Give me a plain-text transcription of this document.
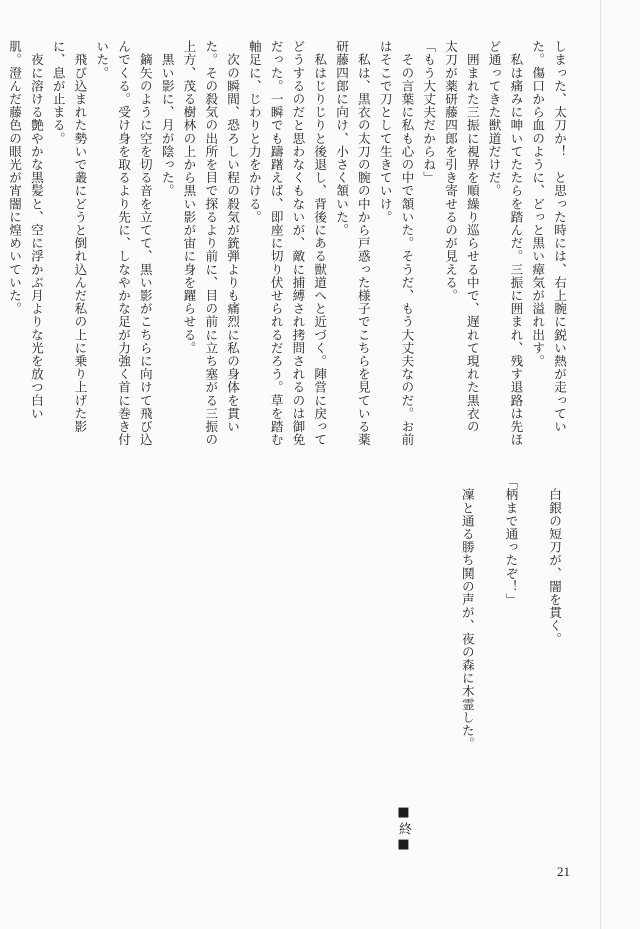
しまった、太刀か！　と思った時には、右上腕に鋭い熱が走ってい
た。傷口から血のように、どっと黒い瘴気が溢れ出す。
　私は痛みに呻いてたたらを踏んだ。三振に囲まれ、残す退路は先ほ
ど通ってきた獣道だけだ。
　囲まれた三振に視界を順繰り巡らせる中で、遅れて現れた黒衣の
太刀が薬研藤四郎を引き寄せるのが見える。
「もう大丈夫だからね」
　その言葉に私も心の中で頷いた。そうだ、もう大丈夫なのだ。お前
はそこで刀として生きていけ。
　私は、黒衣の太刀の腕の中から戸惑った様子でこちらを見ている薬
研藤四郎に向け、小さく頷いた。
　私はじりじりと後退し、背後にある獣道へと近づく。陣営に戻って
どうするのだと思わなくもないが、敵に捕縛され拷問されるのは御免
だった。一瞬でも躊躇えば、即座に切り伏せられるだろう。草を踏む
軸足に、じわりと力をかける。
　次の瞬間、恐ろしい程の殺気が銃弾よりも痛烈に私の身体を貫い
た。その殺気の出所を目で探るより前に、目の前に立ち塞がる三振の
上方、茂る樹林の上から黒い影が宙に身を躍らせる。
　黒い影に、月が陰った。
　鏑矢のように空を切る音を立てて、黒い影がこちらに向けて飛び込
んでくる。受け身を取るより先に、しなやかな足が力強く首に巻き付
いた。
　飛び込まれた勢いで叢にどうと倒れ込んだ私の上に乗り上げた影
に、息が止まる。
　夜に溶ける艶やかな黒髪と、空に浮かぶ月よりな光を放つ白い
肌。澄んだ藤色の眼光が宵闇に煌めいていた。

　白銀の短刀が、闇を貫く。

「柄まで通ったぞ！」

　凜と通る勝ち鬨の声が、夜の森に木霊した。
■終■
21
